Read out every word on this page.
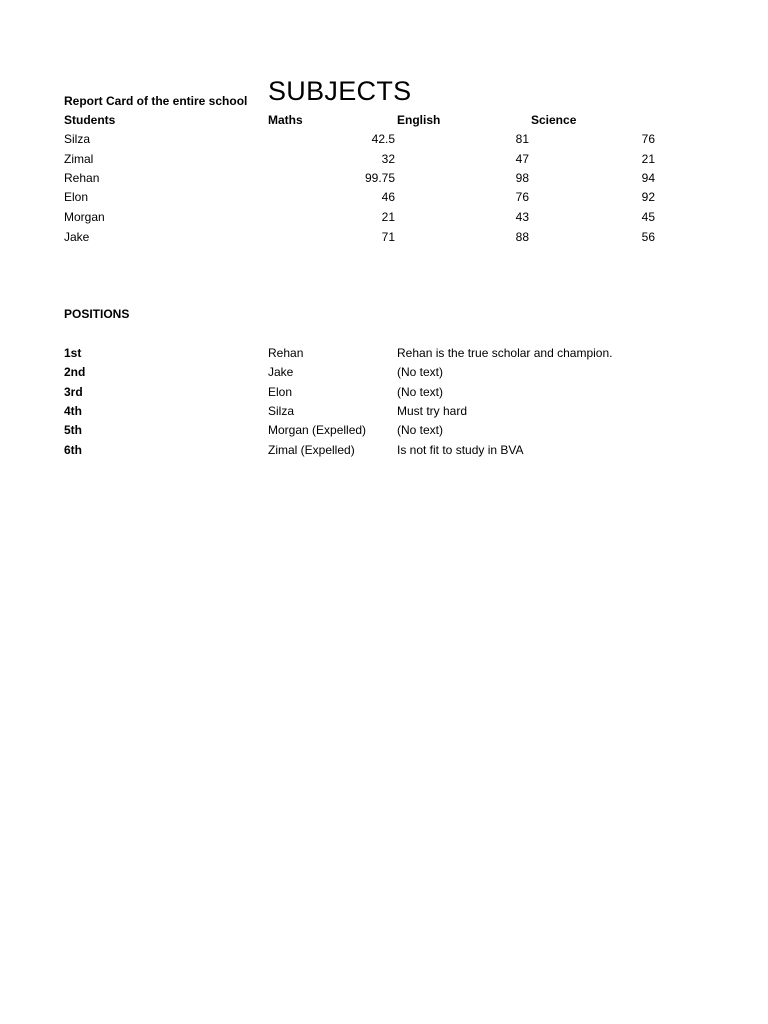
Report Card of the entire school SUBJECTS
Students	Maths	English	Science
Silza	42.5	81	76
Zimal	32	47	21
Rehan	99.75	98	94
Elon	46	76	92
Morgan	21	43	45
Jake	71	88	56
POSITIONS
1st	Rehan	Rehan is the true scholar and champion.
2nd	Jake	(No text)
3rd	Elon	(No text)
4th	Silza	Must try hard
5th	Morgan (Expelled)	(No text)
6th	Zimal (Expelled)	Is not fit to study in BVA
